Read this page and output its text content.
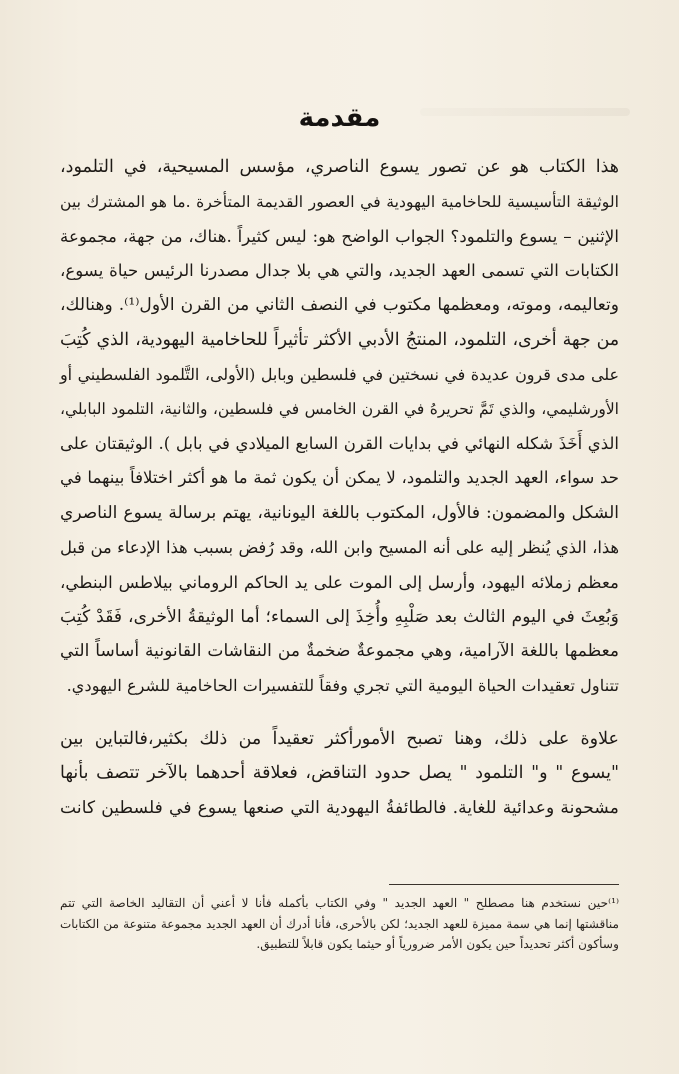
مقدمة
هذا الكتاب هو عن تصور يسوع الناصري، مؤسس المسيحية، في التلمود،
الوثيقة التأسيسية للحاخامية اليهودية في العصور القديمة المتأخرة .ما هو المشترك بين
الإثنين – يسوع والتلمود؟ الجواب الواضح هو: ليس كثيراً .هناك، من جهة، مجموعة
الكتابات التي تسمى العهد الجديد، والتي هي بلا جدال مصدرنا الرئيس حياة يسوع،
وتعاليمه، وموته، ومعظمها مكتوب في النصف الثاني من القرن الأول⁽¹⁾. وهنالك،
من جهة أخرى، التلمود، المنتجُ الأدبي الأكثر تأثيراً للحاخامية اليهودية، الذي كُتِبَ
على مدى قرون عديدة في نسختين في فلسطين وبابل (الأولى، التَّلمود الفلسطيني أو
الأورشليمي، والذي تَمَّ تحريرهُ في القرن الخامس في فلسطين، والثانية، التلمود البابلي،
الذي أَخَذَ شكله النهائي في بدايات القرن السابع الميلادي في بابل ). الوثيقتان على
حد سواء، العهد الجديد والتلمود، لا يمكن أن يكون ثمة ما هو أكثر اختلافاً بينهما في
الشكل والمضمون: فالأول، المكتوب باللغة اليونانية، يهتم برسالة يسوع الناصري
هذا، الذي يُنظر إليه على أنه المسيح وابن الله، وقد رُفض بسبب هذا الإدعاء من قبل
معظم زملائه اليهود، وأرسل إلى الموت على يد الحاكم الروماني بيلاطس البنطي،
وَبُعِثَ في اليوم الثالث بعد صَلْبِهِ وأُخِذَ إلى السماء؛ أما الوثيقةُ الأخرى، فَقَدْ كُتِبَ
معظمها باللغة الآرامية، وهي مجموعةٌ ضخمةٌ من النقاشات القانونية أساساً التي
تتناول تعقيدات الحياة اليومية التي تجري وفقاً للتفسيرات الحاخامية للشرع اليهودي.
علاوة على ذلك، وهنا تصبح الأمورأكثر تعقيداً من ذلك بكثير،فالتباين بين
"يسوع " و" التلمود " يصل حدود التناقض، فعلاقة أحدهما بالآخر تتصف بأنها
مشحونة وعدائية للغاية. فالطائفةُ اليهودية التي صنعها يسوع في فلسطين كانت
⁽¹⁾حين نستخدم هنا مصطلح " العهد الجديد " وفي الكتاب بأكمله فأنا لا أعني أن التقاليد الخاصة التي تتم
مناقشتها إنما هي سمة مميزة للعهد الجديد؛ لكن بالأحرى، فأنا أدرك أن العهد الجديد مجموعة متنوعة من الكتابات
وسأكون أكثر تحديداً حين يكون الأمر ضرورياً أو حيثما يكون قابلاً للتطبيق.
